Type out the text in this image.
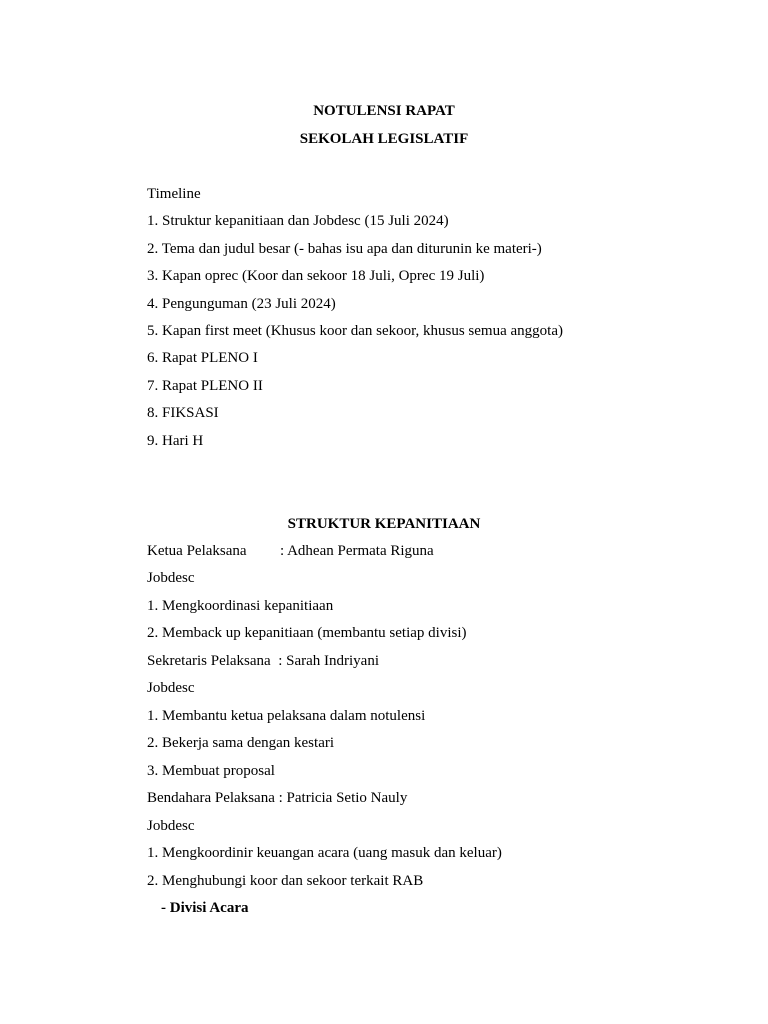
NOTULENSI RAPAT
SEKOLAH LEGISLATIF
Timeline
1. Struktur kepanitiaan dan Jobdesc (15 Juli 2024)
2. Tema dan judul besar (- bahas isu apa dan diturunin ke materi-)
3. Kapan oprec (Koor dan sekoor 18 Juli, Oprec 19 Juli)
4. Pengunguman (23 Juli 2024)
5. Kapan first meet (Khusus koor dan sekoor, khusus semua anggota)
6. Rapat PLENO I
7. Rapat PLENO II
8. FIKSASI
9. Hari H
STRUKTUR KEPANITIAAN
Ketua Pelaksana : Adhean Permata Riguna
Jobdesc
1. Mengkoordinasi kepanitiaan
2. Memback up kepanitiaan (membantu setiap divisi)
Sekretaris Pelaksana  : Sarah Indriyani
Jobdesc
1. Membantu ketua pelaksana dalam notulensi
2. Bekerja sama dengan kestari
3. Membuat proposal
Bendahara Pelaksana : Patricia Setio Nauly
Jobdesc
1. Mengkoordinir keuangan acara (uang masuk dan keluar)
2. Menghubungi koor dan sekoor terkait RAB
- Divisi Acara
